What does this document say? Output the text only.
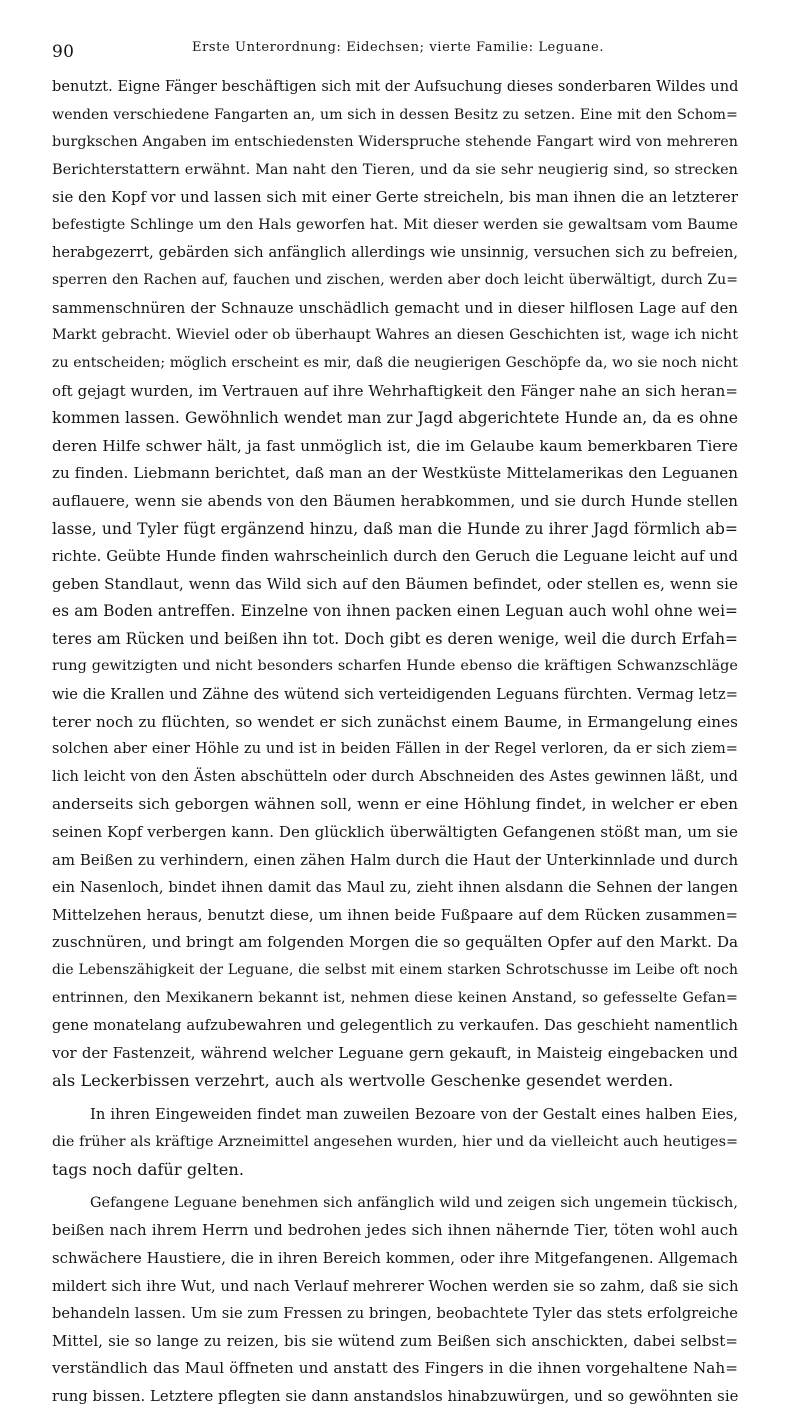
90	Erste Unterordnung: Eidechsen; vierte Familie: Leguane.

benutzt. Eigne Fänger beschäftigen sich mit der Aufsuchung dieses sonderbaren Wildes und
wenden verschiedene Fangarten an, um sich in dessen Besitz zu setzen. Eine mit den Schom=
burgkschen Angaben im entschiedensten Widerspruche stehende Fangart wird von mehreren
Berichterstattern erwähnt. Man naht den Tieren, und da sie sehr neugierig sind, so strecken
sie den Kopf vor und lassen sich mit einer Gerte streicheln, bis man ihnen die an letzterer
befestigte Schlinge um den Hals geworfen hat. Mit dieser werden sie gewaltsam vom Baume
herabgezerrt, gebärden sich anfänglich allerdings wie unsinnig, versuchen sich zu befreien,
sperren den Rachen auf, fauchen und zischen, werden aber doch leicht überwältigt, durch Zu=
sammenschnüren der Schnauze unschädlich gemacht und in dieser hilflosen Lage auf den
Markt gebracht. Wieviel oder ob überhaupt Wahres an diesen Geschichten ist, wage ich nicht
zu entscheiden; möglich erscheint es mir, daß die neugierigen Geschöpfe da, wo sie noch nicht
oft gejagt wurden, im Vertrauen auf ihre Wehrhaftigkeit den Fänger nahe an sich heran=
kommen lassen. Gewöhnlich wendet man zur Jagd abgerichtete Hunde an, da es ohne
deren Hilfe schwer hält, ja fast unmöglich ist, die im Gelaube kaum bemerkbaren Tiere
zu finden. Liebmann berichtet, daß man an der Westküste Mittelamerikas den Leguanen
auflauere, wenn sie abends von den Bäumen herabkommen, und sie durch Hunde stellen
lasse, und Tyler fügt ergänzend hinzu, daß man die Hunde zu ihrer Jagd förmlich ab=
richte. Geübte Hunde finden wahrscheinlich durch den Geruch die Leguane leicht auf und
geben Standlaut, wenn das Wild sich auf den Bäumen befindet, oder stellen es, wenn sie
es am Boden antreffen. Einzelne von ihnen packen einen Leguan auch wohl ohne wei=
teres am Rücken und beißen ihn tot. Doch gibt es deren wenige, weil die durch Erfah=
rung gewitzigten und nicht besonders scharfen Hunde ebenso die kräftigen Schwanzschläge
wie die Krallen und Zähne des wütend sich verteidigenden Leguans fürchten. Vermag letz=
terer noch zu flüchten, so wendet er sich zunächst einem Baume, in Ermangelung eines
solchen aber einer Höhle zu und ist in beiden Fällen in der Regel verloren, da er sich ziem=
lich leicht von den Ästen abschütteln oder durch Abschneiden des Astes gewinnen läßt, und
anderseits sich geborgen wähnen soll, wenn er eine Höhlung findet, in welcher er eben
seinen Kopf verbergen kann. Den glücklich überwältigten Gefangenen stößt man, um sie
am Beißen zu verhindern, einen zähen Halm durch die Haut der Unterkinnlade und durch
ein Nasenloch, bindet ihnen damit das Maul zu, zieht ihnen alsdann die Sehnen der langen
Mittelzehen heraus, benutzt diese, um ihnen beide Fußpaare auf dem Rücken zusammen=
zuschnüren, und bringt am folgenden Morgen die so gequälten Opfer auf den Markt. Da
die Lebenszähigkeit der Leguane, die selbst mit einem starken Schrotschusse im Leibe oft noch
entrinnen, den Mexikanern bekannt ist, nehmen diese keinen Anstand, so gefesselte Gefan=
gene monatelang aufzubewahren und gelegentlich zu verkaufen. Das geschieht namentlich
vor der Fastenzeit, während welcher Leguane gern gekauft, in Maisteig eingebacken und
als Leckerbissen verzehrt, auch als wertvolle Geschenke gesendet werden.

In ihren Eingeweiden findet man zuweilen Bezoare von der Gestalt eines halben Eies,
die früher als kräftige Arzneimittel angesehen wurden, hier und da vielleicht auch heutiges=
tags noch dafür gelten.

Gefangene Leguane benehmen sich anfänglich wild und zeigen sich ungemein tückisch,
beißen nach ihrem Herrn und bedrohen jedes sich ihnen nähernde Tier, töten wohl auch
schwächere Haustiere, die in ihren Bereich kommen, oder ihre Mitgefangenen. Allgemach
mildert sich ihre Wut, und nach Verlauf mehrerer Wochen werden sie so zahm, daß sie sich
behandeln lassen. Um sie zum Fressen zu bringen, beobachtete Tyler das stets erfolgreiche
Mittel, sie so lange zu reizen, bis sie wütend zum Beißen sich anschickten, dabei selbst=
verständlich das Maul öffneten und anstatt des Fingers in die ihnen vorgehaltene Nah=
rung bissen. Letztere pflegten sie dann anstandslos hinabzuwürgen, und so gewöhnten sie
